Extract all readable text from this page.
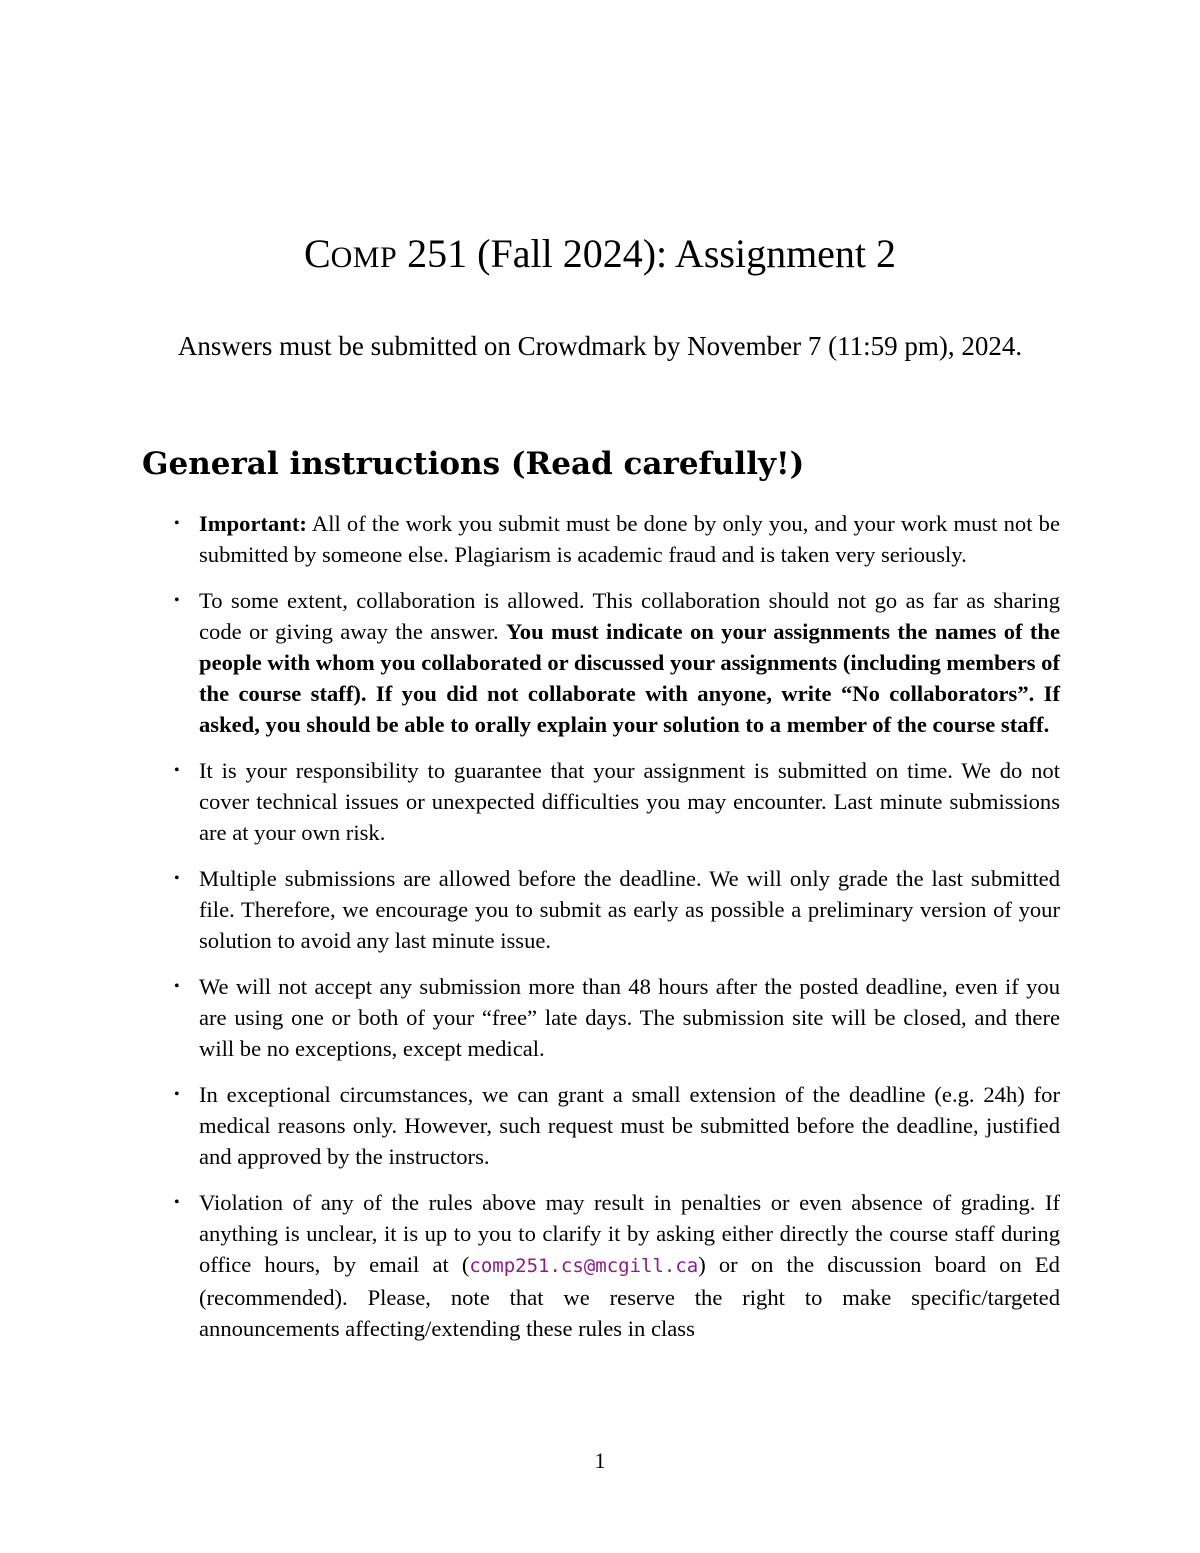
COMP 251 (Fall 2024): Assignment 2

Answers must be submitted on Crowdmark by November 7 (11:59 pm), 2024.

General instructions (Read carefully!)
• Important: All of the work you submit must be done by only you, and your work must not be submitted by someone else. Plagiarism is academic fraud and is taken very seriously.
• To some extent, collaboration is allowed. This collaboration should not go as far as sharing code or giving away the answer. You must indicate on your assignments the names of the people with whom you collaborated or discussed your assignments (including members of the course staff). If you did not collaborate with anyone, write “No collaborators”. If asked, you should be able to orally explain your solution to a member of the course staff.
• It is your responsibility to guarantee that your assignment is submitted on time. We do not cover technical issues or unexpected difficulties you may encounter. Last minute submissions are at your own risk.
• Multiple submissions are allowed before the deadline. We will only grade the last submitted file. Therefore, we encourage you to submit as early as possible a preliminary version of your solution to avoid any last minute issue.
• We will not accept any submission more than 48 hours after the posted deadline, even if you are using one or both of your “free” late days. The submission site will be closed, and there will be no exceptions, except medical.
• In exceptional circumstances, we can grant a small extension of the deadline (e.g. 24h) for medical reasons only. However, such request must be submitted before the deadline, justified and approved by the instructors.
• Violation of any of the rules above may result in penalties or even absence of grading. If anything is unclear, it is up to you to clarify it by asking either directly the course staff during office hours, by email at (comp251.cs@mcgill.ca) or on the discussion board on Ed (recommended). Please, note that we reserve the right to make specific/targeted announcements affecting/extending these rules in class

1
